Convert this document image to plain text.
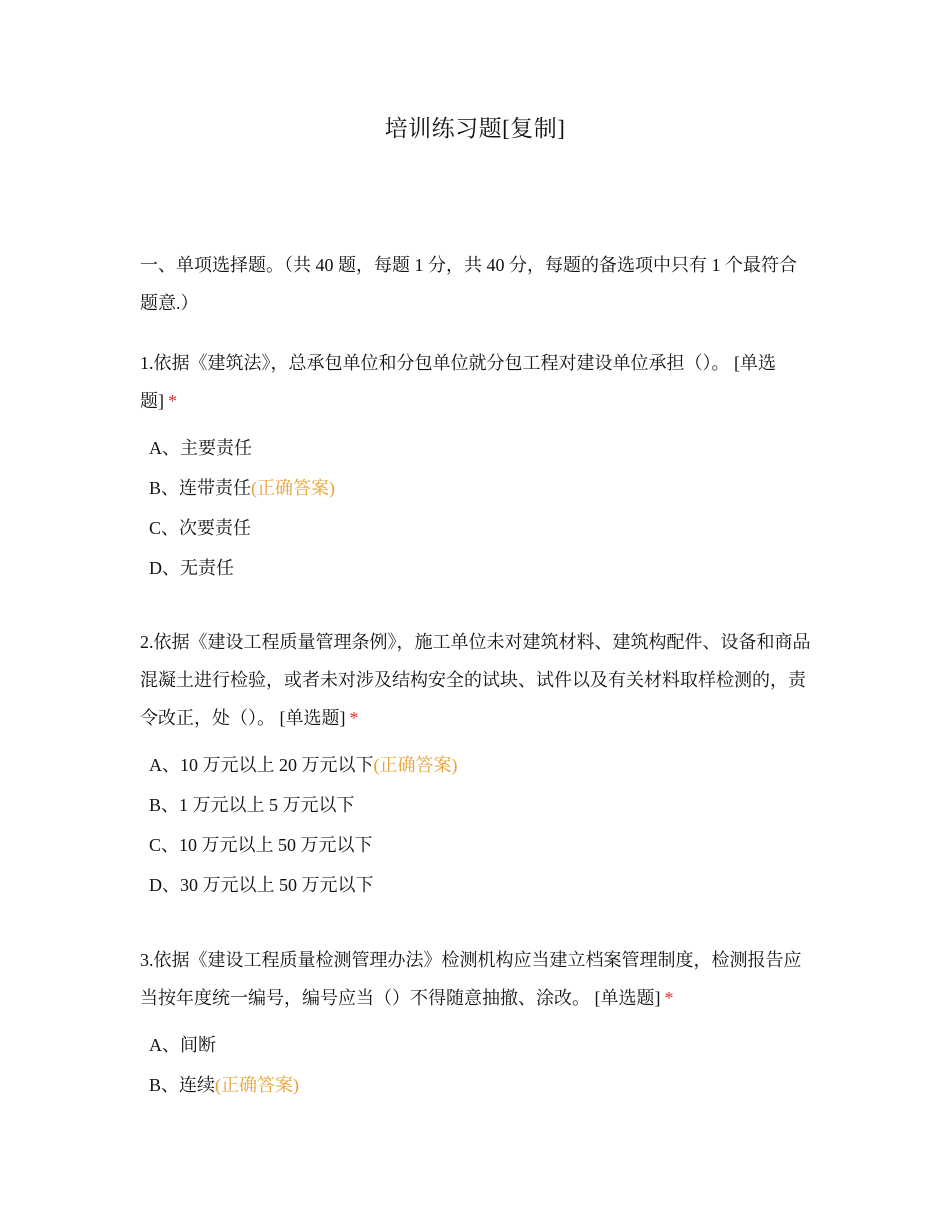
培训练习题[复制]
一、单项选择题。（共 40 题，每题 1 分，共 40 分，每题的备选项中只有 1 个最符合题意.）
1.依据《建筑法》，总承包单位和分包单位就分包工程对建设单位承担（）。 [单选题] *
A、主要责任
B、连带责任(正确答案)
C、次要责任
D、无责任
2.依据《建设工程质量管理条例》，施工单位未对建筑材料、建筑构配件、设备和商品混凝土进行检验，或者未对涉及结构安全的试块、试件以及有关材料取样检测的，责令改正，处（）。 [单选题] *
A、10 万元以上 20 万元以下(正确答案)
B、1 万元以上 5 万元以下
C、10 万元以上 50 万元以下
D、30 万元以上 50 万元以下
3.依据《建设工程质量检测管理办法》检测机构应当建立档案管理制度，检测报告应当按年度统一编号，编号应当（）不得随意抽撤、涂改。 [单选题] *
A、间断
B、连续(正确答案)
